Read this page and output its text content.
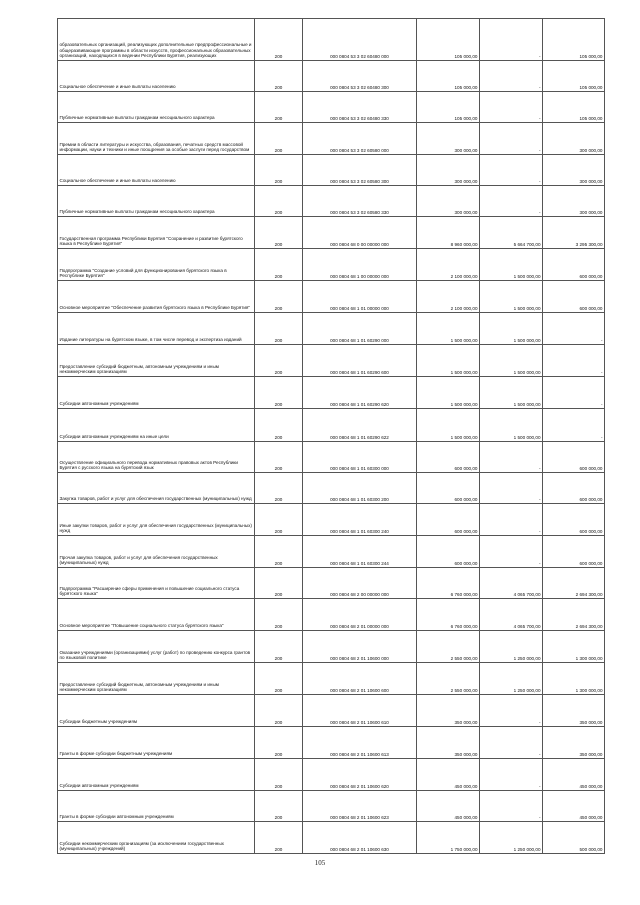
образовательных организаций, реализующих дополнительные предпрофессиональные и общеразвивающие программы в области искусств, профессиональных образовательных организаций, находящихся в ведении Республики Бурятия, реализующих	200	000 0804 53 3 02 60480 000	105 000,00	-	105 000,00

Социальное обеспечение и иные выплаты населению	200	000 0804 53 3 02 60480 300	105 000,00	-	105 000,00

Публичные нормативные выплаты гражданам несоциального характера	200	000 0804 53 3 02 60480 330	105 000,00	-	105 000,00

Премии в области литературы и искусства, образования, печатных средств массовой информации, науки и техники и иные поощрения за особые заслуги перед государством	200	000 0804 53 3 02 60580 000	300 000,00	-	300 000,00

Социальное обеспечение и иные выплаты населению	200	000 0804 53 3 02 60580 300	300 000,00	-	300 000,00

Публичные нормативные выплаты гражданам несоциального характера	200	000 0804 53 3 02 60580 330	300 000,00	-	300 000,00

Государственная программа Республики Бурятия "Сохранение и развитие бурятского языка в Республике Бурятия"	200	000 0804 68 0 00 00000 000	8 960 000,00	5 664 700,00	3 295 300,00

Подпрограмма "Создание условий для функционирования бурятского языка в Республике Бурятия"	200	000 0804 68 1 00 00000 000	2 100 000,00	1 500 000,00	600 000,00

Основное мероприятие "Обеспечение развития бурятского языка в Республике Бурятия"	200	000 0804 68 1 01 00000 000	2 100 000,00	1 500 000,00	600 000,00

Издание литературы на бурятском языке, в том числе перевод и экспертиза изданий	200	000 0804 68 1 01 60290 000	1 500 000,00	1 500 000,00	-

Предоставление субсидий бюджетным, автономным учреждениям и иным некоммерческим организациям	200	000 0804 68 1 01 60290 600	1 500 000,00	1 500 000,00	-

Субсидии автономным учреждениям	200	000 0804 68 1 01 60290 620	1 500 000,00	1 500 000,00	-

Субсидии автономным учреждениям на иные цели	200	000 0804 68 1 01 60290 622	1 500 000,00	1 500 000,00	-

Осуществление официального перевода нормативных правовых актов Республики Бурятия с русского языка на бурятский язык	200	000 0804 68 1 01 60300 000	600 000,00	-	600 000,00

Закупка товаров, работ и услуг для обеспечения государственных (муниципальных) нужд	200	000 0804 68 1 01 60300 200	600 000,00	-	600 000,00

Иные закупки товаров, работ и услуг для обеспечения государственных (муниципальных) нужд	200	000 0804 68 1 01 60300 240	600 000,00	-	600 000,00

Прочая закупка товаров, работ и услуг для обеспечения государственных (муниципальных) нужд	200	000 0804 68 1 01 60300 244	600 000,00	-	600 000,00

Подпрограмма "Расширение сферы применения и повышение социального статуса бурятского языка"	200	000 0804 68 2 00 00000 000	6 760 000,00	4 065 700,00	2 694 300,00

Основное мероприятие "Повышение социального статуса бурятского языка"	200	000 0804 68 2 01 00000 000	6 760 000,00	4 065 700,00	2 694 300,00

Оказание учреждениями (организациями) услуг (работ) по проведению конкурса грантов по языковой политике	200	000 0804 68 2 01 10600 000	2 550 000,00	1 250 000,00	1 300 000,00

Предоставление субсидий бюджетным, автономным учреждениям и иным некоммерческим организациям	200	000 0804 68 2 01 10600 600	2 550 000,00	1 250 000,00	1 300 000,00

Субсидии бюджетным учреждениям	200	000 0804 68 2 01 10600 610	350 000,00	-	350 000,00

Гранты в форме субсидии бюджетным учреждениям	200	000 0804 68 2 01 10600 613	350 000,00	-	350 000,00

Субсидии автономным учреждениям	200	000 0804 68 2 01 10600 620	450 000,00	-	450 000,00

Гранты в форме субсидии автономным учреждениям	200	000 0804 68 2 01 10600 623	450 000,00	-	450 000,00

Субсидии некоммерческим организациям (за исключением государственных (муниципальных) учреждений)	200	000 0804 68 2 01 10600 630	1 750 000,00	1 250 000,00	500 000,00
105
